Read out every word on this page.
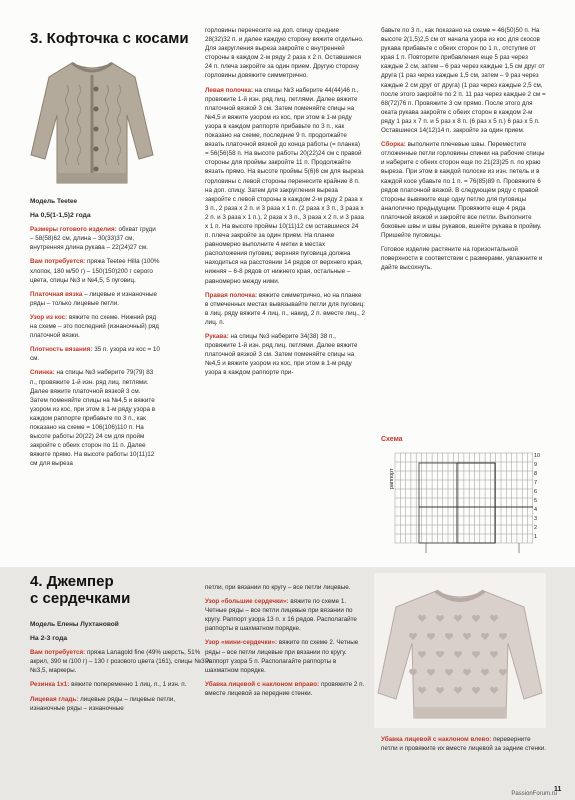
3. Кофточка с косами

Модель Teetee

На 0,5(1-1,5)2 года

Размеры готового изделия: обхват груди – 58(58)62 см, длина – 30(33)37 см, внутренняя длина рукава – 22(24)27 см.

Вам потребуется: пряжа Teetee Hilla (100% хлопок, 180 м/50 г) – 150(150)200 г серого цвета, спицы №3 и №4,5, 5 пуговиц.

Платочная вязка – лицевые и изнаночные ряды – только лицевые петли.

Узор из кос: вяжите по схеме. Нижний ряд на схеме – это последний (изнаночный) ряд платочной вязки.

Плотность вязания: 35 п. узора из кос = 10 см.

Спинка: на спицы №3 наберите 79(79) 83 п., провяжите 1-й изн. ряд лиц. петлями. Далее вяжите платочной вязкой 3 см. Затем поменяйте спицы на №4,5 и вяжите узором из кос, при этом в 1-м ряду узора в каждом раппорте прибавьте по 3 п., как показано на схеме = 106(106)110 п. На высоте работы 20(22) 24 см для пройм закройте с обеих сторон по 11 п. Далее вяжите прямо. На высоте работы 10(11)12 см для выреза

горловины перенесите на доп. спицу средние 28(32)32 п. и далее каждую сторону вяжите отдельно. Для закругления выреза закройте с внутренней стороны в каждом 2-м ряду 2 раза х 2 п. Оставшиеся 24 п. плеча закройте за один прием. Другую сторону горловины довяжите симметрично.

Левая полочка: на спицы №3 наберите 44(44)46 п., провяжите 1-й изн. ряд лиц. петлями. Далее вяжите платочной вязкой 3 см. Затем поменяйте спицы на №4,5 и вяжите узором из кос, при этом в 1-м ряду узора в каждом раппорте прибавьте по 3 п., как показано на схеме, последние 9 п. продолжайте вязать платочной вязкой до конца работы (= планка) = 56(56)58 п. На высоте работы 20(22)24 см с правой стороны для проймы закройте 11 п. Продолжайте вязать прямо. На высоте проймы 5(6)6 см для выреза горловины с левой стороны перенесите крайние 8 п. на доп. спицу. Затем для закругления выреза закройте с левой стороны в каждом 2-м ряду 2 раза х 3 п., 2 раза х 2 п. и 3 раза х 1 п. (2 раза х 3 п., 3 раза х 2 п. и 3 раза х 1 п.), 2 раза х 3 п., 3 раза х 2 п. и 3 раза х 1 п. На высоте проймы 10(11)12 см оставшиеся 24 п. плеча закройте за один прием. На планке равномерно выполните 4 метки в местах расположения пуговиц: верхняя пуговица должна находиться на расстоянии 14 рядов от верхнего края, нижняя – 6-8 рядов от нижнего края, остальные – равномерно между ними.

Правая полочка: вяжите симметрично, но на планке в отмеченных местах вывязывайте петли для пуговиц: в лиц. ряду вяжите 4 лиц. п., накид, 2 п. вместе лиц., 2 лиц. п.

Рукава: на спицы №3 наберите 34(38) 38 п., провяжите 1-й изн. ряд лиц. петлями. Далее вяжите платочной вязкой 3 см. Затем поменяйте спицы на №4,5 и вяжите узором из кос, при этом в 1-м ряду узора в каждом раппорте при-

бавьте по 3 п., как показано на схеме = 46(50)50 п. На высоте 2(1,5)2,5 см от начала узора из кос для скосов рукава прибавьте с обеих сторон по 1 п., отступив от края 1 п. Повторите прибавления еще 5 раз через каждые 2 см, затем – 6 раз через каждые 1,5 см друг от друга (1 раз через каждые 1,5 см, затем – 9 раз через каждые 2 см друг от друга) (1 раз через каждые 2,5 см, после этого закройте по 2 п. 11 раз через каждые 2 см = 68(72)76 п. Провяжите 3 см прямо. После этого для оката рукава закройте с обеих сторон в каждом 2-м ряду 1 раз х 7 п. и 5 раз х 8 п. (6 раз х 5 п.) 6 раз х 5 п. Оставшиеся 14(12)14 п. закройте за один прием.

Сборка: выполните плечевые швы. Переместите отложенные петли горловины спинки на рабочие спицы и наберите с обеих сторон еще по 21(23)25 п. по краю выреза. При этом в каждой полоске из изн. петель и в каждой косе убавьте по 1 п. = 76(85)89 п. Провяжите 6 рядов платочной вязкой. В следующем ряду с правой стороны вывяжите еще одну петлю для пуговицы аналогично предыдущим. Провяжите еще 4 ряда платочной вязкой и закройте все петли. Выполните боковые швы и швы рукавов, вшейте рукава в пройму. Пришейте пуговицы.

Готовое изделие растяните на горизонтальной поверхности в соответствии с размерами, увлажните и дайте высохнуть.

Схема
раппорт
10
9
8
7
6
5
4
3
2
1
4. Джемпер
с сердечками

Модель Елены Лухтановой

На 2-3 года

Вам потребуется: пряжа Lanagold fine (49% шерсть, 51% акрил, 390 м /100 г) – 130 г розового цвета (161), спицы №3 и №3,5, маркеры.

Резинка 1х1: вяжите попеременно 1 лиц. п., 1 изн. п.

Лицевая гладь: лицевые ряды – лицевые петли, изнаночные ряды – изнаночные

петли, при вязании по кругу – все петли лицевые.

Узор «большие сердечки»: вяжите по схеме 1. Четные ряды – все петли лицевые при вязании по кругу. Раппорт узора 13 п. х 16 рядов. Располагайте раппорты в шахматном порядке.

Узор «мини-сердечки»: вяжите по схеме 2. Четные ряды – все петли лицевые при вязании по кругу. Раппорт узора 5 п. Располагайте раппорты в шахматном порядке.

Убавка лицевой с наклоном вправо: провяжите 2 п. вместе лицевой за передние стенки.

Убавка лицевой с наклоном влево: переверните петли и провяжите их вместе лицевой за задние стенки.

11
PassionForum.ru
